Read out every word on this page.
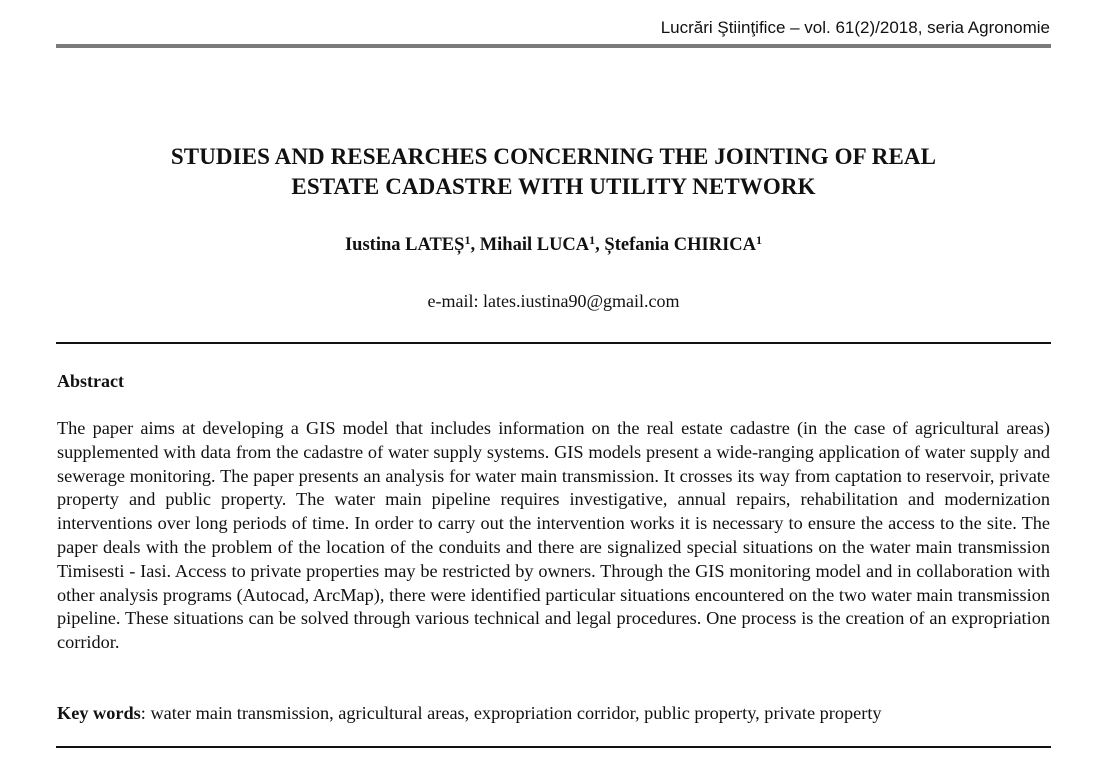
Lucrări Ştiinţifice – vol. 61(2)/2018, seria Agronomie
STUDIES AND RESEARCHES CONCERNING THE JOINTING OF REAL
ESTATE CADASTRE WITH UTILITY NETWORK
Iustina LATEȘ$^1$, Mihail LUCA$^1$, Ștefania CHIRICA$^1$
e-mail: lates.iustina90@gmail.com
Abstract

The paper aims at developing a GIS model that includes information on the real estate cadastre (in the case of agricultural areas) supplemented with data from the cadastre of water supply systems. GIS models present a wide-ranging application of water supply and sewerage monitoring. The paper presents an analysis for water main transmission. It crosses its way from captation to reservoir, private property and public property. The water main pipeline requires investigative, annual repairs, rehabilitation and modernization interventions over long periods of time. In order to carry out the intervention works it is necessary to ensure the access to the site. The paper deals with the problem of the location of the conduits and there are signalized special situations on the water main transmission Timisesti - Iasi. Access to private properties may be restricted by owners. Through the GIS monitoring model and in collaboration with other analysis programs (Autocad, ArcMap), there were identified particular situations encountered on the two water main transmission pipeline. These situations can be solved through various technical and legal procedures. One process is the creation of an expropriation corridor.

Key words: water main transmission, agricultural areas, expropriation corridor, public property, private property
